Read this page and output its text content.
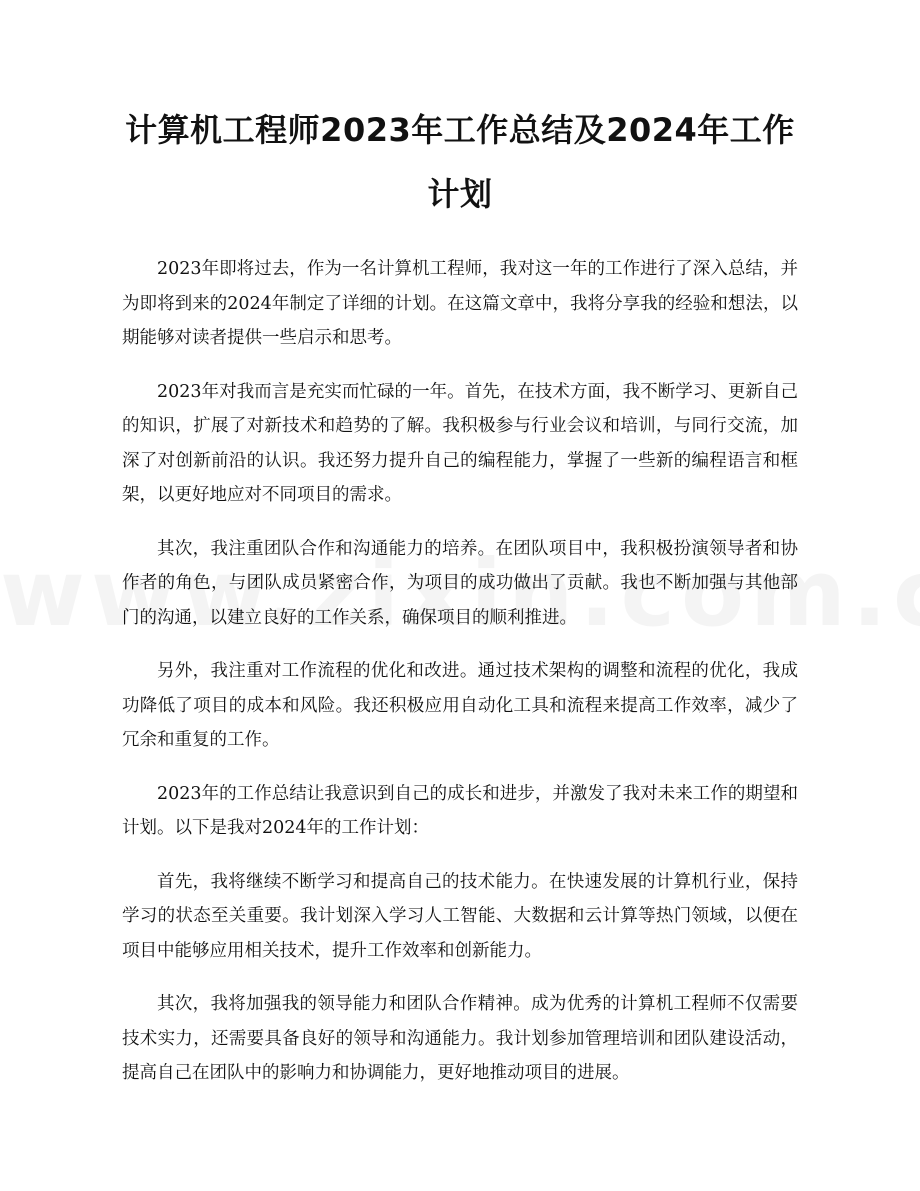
计算机工程师2023年工作总结及2024年工作计划

2023年即将过去，作为一名计算机工程师，我对这一年的工作进行了深入总结，并为即将到来的2024年制定了详细的计划。在这篇文章中，我将分享我的经验和想法，以期能够对读者提供一些启示和思考。

2023年对我而言是充实而忙碌的一年。首先，在技术方面，我不断学习、更新自己的知识，扩展了对新技术和趋势的了解。我积极参与行业会议和培训，与同行交流，加深了对创新前沿的认识。我还努力提升自己的编程能力，掌握了一些新的编程语言和框架，以更好地应对不同项目的需求。

其次，我注重团队合作和沟通能力的培养。在团队项目中，我积极扮演领导者和协作者的角色，与团队成员紧密合作，为项目的成功做出了贡献。我也不断加强与其他部门的沟通，以建立良好的工作关系，确保项目的顺利推进。

另外，我注重对工作流程的优化和改进。通过技术架构的调整和流程的优化，我成功降低了项目的成本和风险。我还积极应用自动化工具和流程来提高工作效率，减少了冗余和重复的工作。

2023年的工作总结让我意识到自己的成长和进步，并激发了我对未来工作的期望和计划。以下是我对2024年的工作计划：

首先，我将继续不断学习和提高自己的技术能力。在快速发展的计算机行业，保持学习的状态至关重要。我计划深入学习人工智能、大数据和云计算等热门领域，以便在项目中能够应用相关技术，提升工作效率和创新能力。

其次，我将加强我的领导能力和团队合作精神。成为优秀的计算机工程师不仅需要技术实力，还需要具备良好的领导和沟通能力。我计划参加管理培训和团队建设活动，提高自己在团队中的影响力和协调能力，更好地推动项目的进展。
